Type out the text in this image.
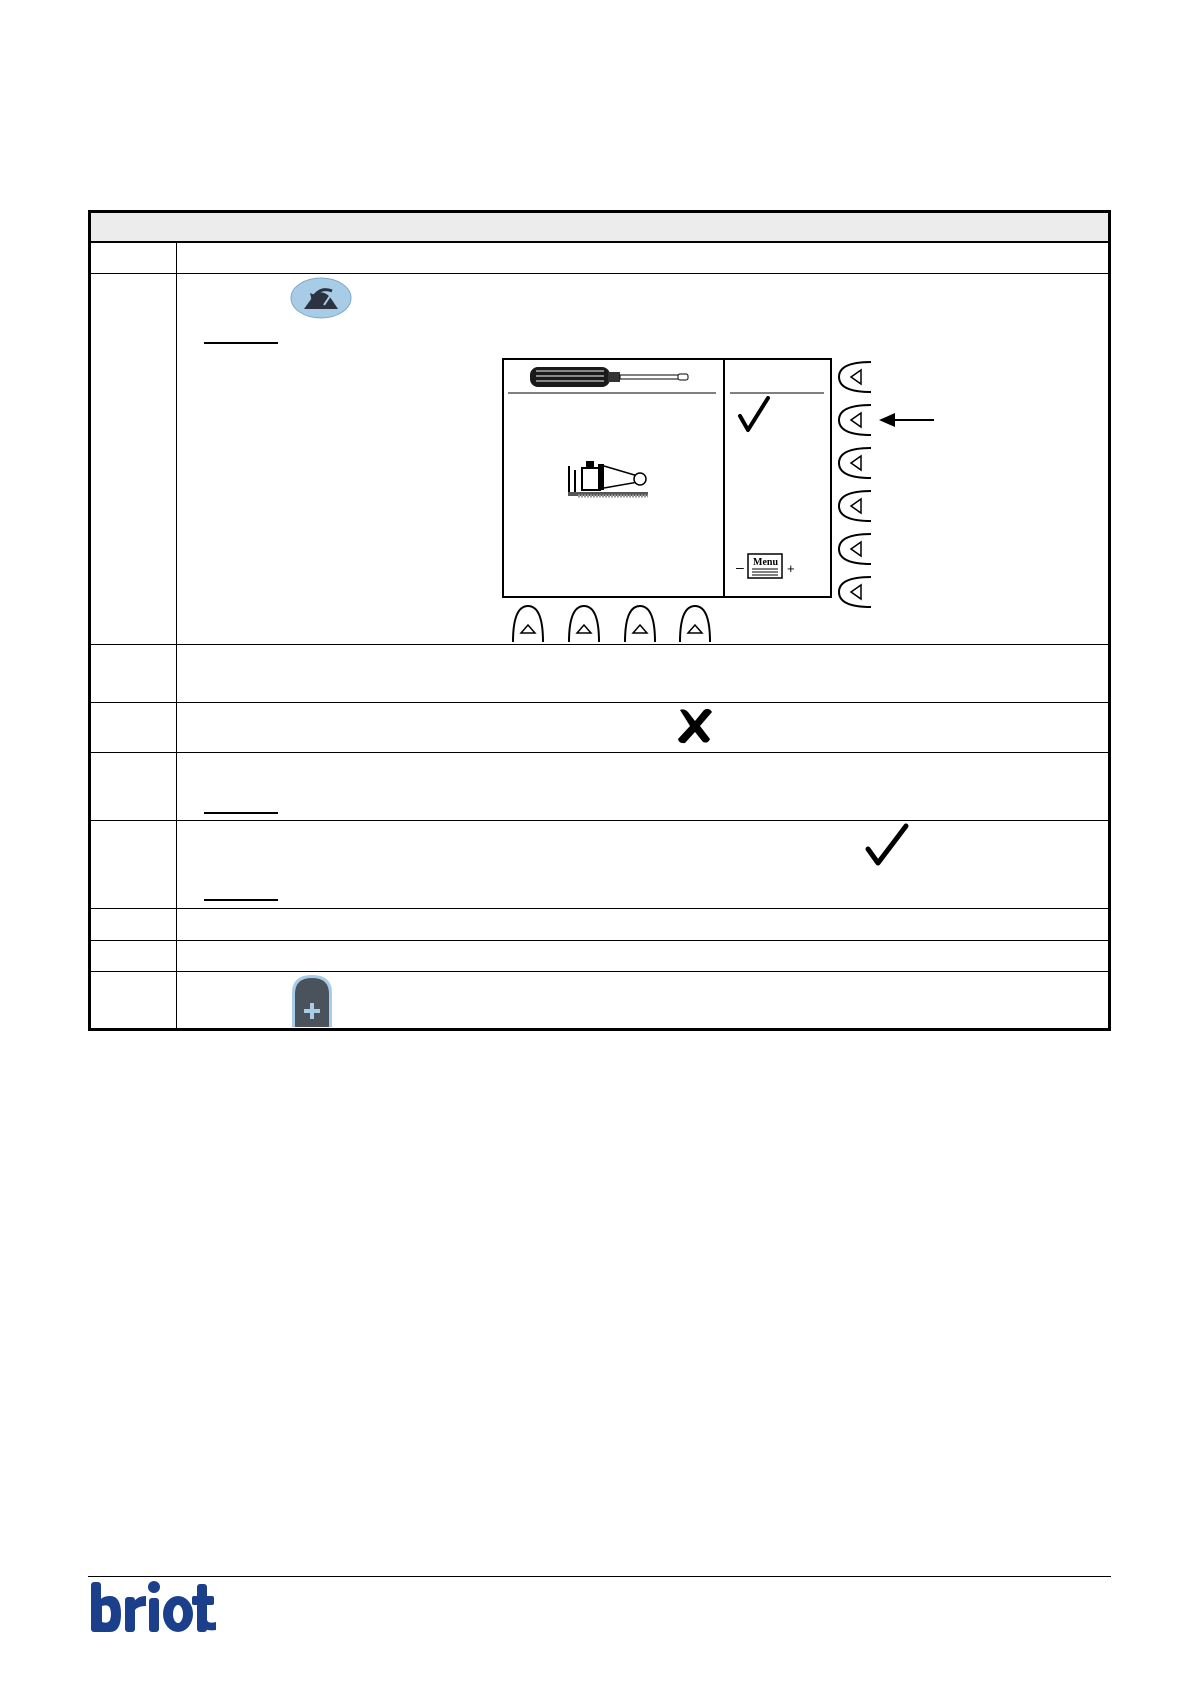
– Menu +
